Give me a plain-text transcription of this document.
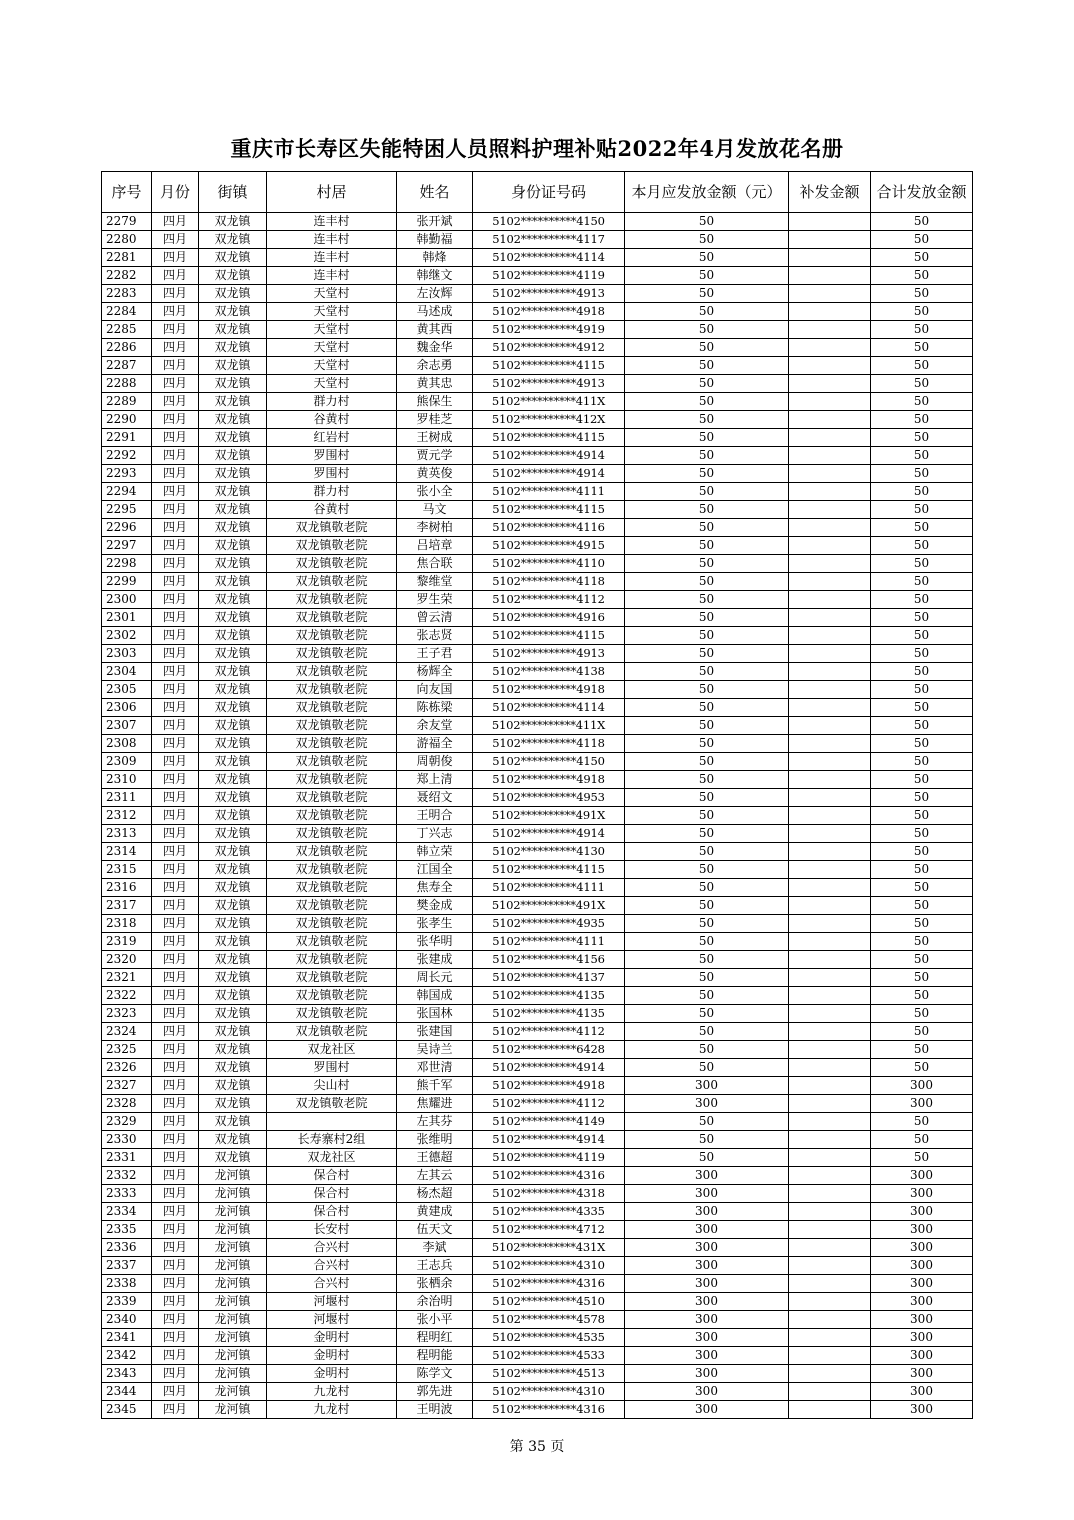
重庆市长寿区失能特困人员照料护理补贴2022年4月发放花名册
序号	月份	街镇	村居	姓名	身份证号码	本月应发放金额（元）	补发金额	合计发放金额
2279	四月	双龙镇	连丰村	张开斌	5102**********4150	50		50
2280	四月	双龙镇	连丰村	韩勤福	5102**********4117	50		50
2281	四月	双龙镇	连丰村	韩烽	5102**********4114	50		50
2282	四月	双龙镇	连丰村	韩继文	5102**********4119	50		50
2283	四月	双龙镇	天堂村	左汝辉	5102**********4913	50		50
2284	四月	双龙镇	天堂村	马述成	5102**********4918	50		50
2285	四月	双龙镇	天堂村	黄其西	5102**********4919	50		50
2286	四月	双龙镇	天堂村	魏金华	5102**********4912	50		50
2287	四月	双龙镇	天堂村	余志勇	5102**********4115	50		50
2288	四月	双龙镇	天堂村	黄其忠	5102**********4913	50		50
2289	四月	双龙镇	群力村	熊保生	5102**********411X	50		50
2290	四月	双龙镇	谷黄村	罗桂芝	5102**********412X	50		50
2291	四月	双龙镇	红岩村	王树成	5102**********4115	50		50
2292	四月	双龙镇	罗围村	贾元学	5102**********4914	50		50
2293	四月	双龙镇	罗围村	黄英俊	5102**********4914	50		50
2294	四月	双龙镇	群力村	张小全	5102**********4111	50		50
2295	四月	双龙镇	谷黄村	马文	5102**********4115	50		50
2296	四月	双龙镇	双龙镇敬老院	李树柏	5102**********4116	50		50
2297	四月	双龙镇	双龙镇敬老院	吕培章	5102**********4915	50		50
2298	四月	双龙镇	双龙镇敬老院	焦合联	5102**********4110	50		50
2299	四月	双龙镇	双龙镇敬老院	黎维堂	5102**********4118	50		50
2300	四月	双龙镇	双龙镇敬老院	罗生荣	5102**********4112	50		50
2301	四月	双龙镇	双龙镇敬老院	曾云清	5102**********4916	50		50
2302	四月	双龙镇	双龙镇敬老院	张志贤	5102**********4115	50		50
2303	四月	双龙镇	双龙镇敬老院	王子君	5102**********4913	50		50
2304	四月	双龙镇	双龙镇敬老院	杨辉全	5102**********4138	50		50
2305	四月	双龙镇	双龙镇敬老院	向友国	5102**********4918	50		50
2306	四月	双龙镇	双龙镇敬老院	陈栋梁	5102**********4114	50		50
2307	四月	双龙镇	双龙镇敬老院	余友堂	5102**********411X	50		50
2308	四月	双龙镇	双龙镇敬老院	游福全	5102**********4118	50		50
2309	四月	双龙镇	双龙镇敬老院	周朝俊	5102**********4150	50		50
2310	四月	双龙镇	双龙镇敬老院	郑上清	5102**********4918	50		50
2311	四月	双龙镇	双龙镇敬老院	聂绍文	5102**********4953	50		50
2312	四月	双龙镇	双龙镇敬老院	王明合	5102**********491X	50		50
2313	四月	双龙镇	双龙镇敬老院	丁兴志	5102**********4914	50		50
2314	四月	双龙镇	双龙镇敬老院	韩立荣	5102**********4130	50		50
2315	四月	双龙镇	双龙镇敬老院	江国全	5102**********4115	50		50
2316	四月	双龙镇	双龙镇敬老院	焦寿全	5102**********4111	50		50
2317	四月	双龙镇	双龙镇敬老院	樊金成	5102**********491X	50		50
2318	四月	双龙镇	双龙镇敬老院	张孝生	5102**********4935	50		50
2319	四月	双龙镇	双龙镇敬老院	张华明	5102**********4111	50		50
2320	四月	双龙镇	双龙镇敬老院	张建成	5102**********4156	50		50
2321	四月	双龙镇	双龙镇敬老院	周长元	5102**********4137	50		50
2322	四月	双龙镇	双龙镇敬老院	韩国成	5102**********4135	50		50
2323	四月	双龙镇	双龙镇敬老院	张国林	5102**********4135	50		50
2324	四月	双龙镇	双龙镇敬老院	张建国	5102**********4112	50		50
2325	四月	双龙镇	双龙社区	吴诗兰	5102**********6428	50		50
2326	四月	双龙镇	罗围村	邓世清	5102**********4914	50		50
2327	四月	双龙镇	尖山村	熊千军	5102**********4918	300		300
2328	四月	双龙镇	双龙镇敬老院	焦耀进	5102**********4112	300		300
2329	四月	双龙镇		左其芬	5102**********4149	50		50
2330	四月	双龙镇	长寿寨村2组	张维明	5102**********4914	50		50
2331	四月	双龙镇	双龙社区	王德超	5102**********4119	50		50
2332	四月	龙河镇	保合村	左其云	5102**********4316	300		300
2333	四月	龙河镇	保合村	杨杰超	5102**********4318	300		300
2334	四月	龙河镇	保合村	黄建成	5102**********4335	300		300
2335	四月	龙河镇	长安村	伍天文	5102**********4712	300		300
2336	四月	龙河镇	合兴村	李斌	5102**********431X	300		300
2337	四月	龙河镇	合兴村	王志兵	5102**********4310	300		300
2338	四月	龙河镇	合兴村	张栖余	5102**********4316	300		300
2339	四月	龙河镇	河堰村	余治明	5102**********4510	300		300
2340	四月	龙河镇	河堰村	张小平	5102**********4578	300		300
2341	四月	龙河镇	金明村	程明红	5102**********4535	300		300
2342	四月	龙河镇	金明村	程明能	5102**********4533	300		300
2343	四月	龙河镇	金明村	陈学文	5102**********4513	300		300
2344	四月	龙河镇	九龙村	郭先进	5102**********4310	300		300
2345	四月	龙河镇	九龙村	王明波	5102**********4316	300		300
第 35 页
